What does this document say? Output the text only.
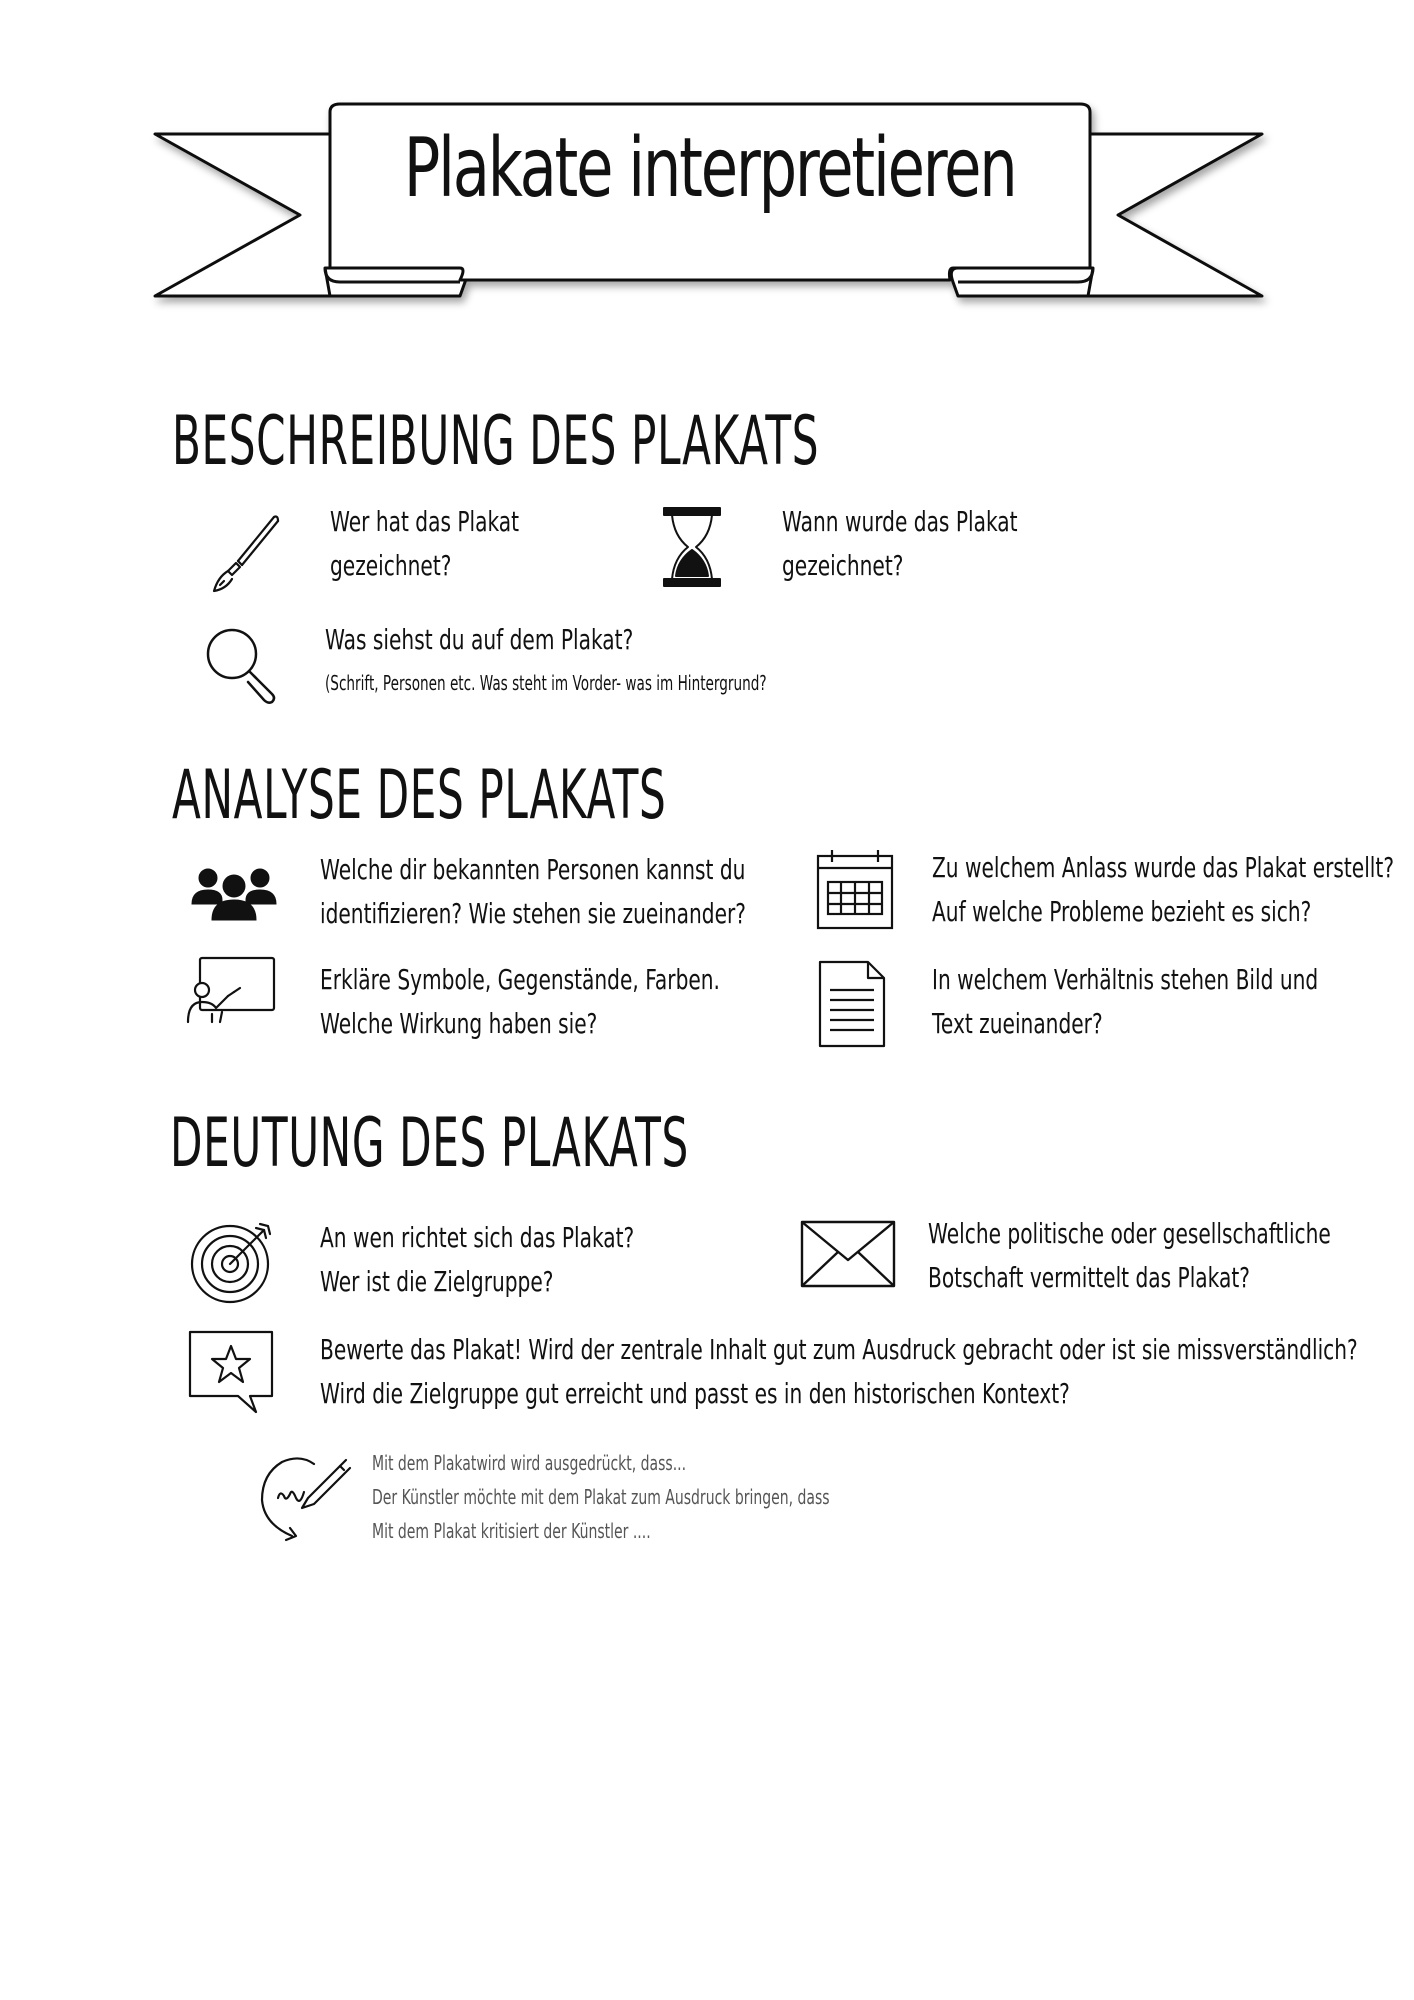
Plakate interpretieren
BESCHREIBUNG DES PLAKATS
Wer hat das Plakat
gezeichnet?
Wann wurde das Plakat
gezeichnet?
Was siehst du auf dem Plakat?
(Schrift, Personen etc. Was steht im Vorder- was im Hintergrund?
ANALYSE DES PLAKATS
Welche dir bekannten Personen kannst du
identifizieren? Wie stehen sie zueinander?
Zu welchem Anlass wurde das Plakat erstellt?
Auf welche Probleme bezieht es sich?
Erkläre Symbole, Gegenstände, Farben.
Welche Wirkung haben sie?
In welchem Verhältnis stehen Bild und
Text zueinander?
DEUTUNG DES PLAKATS
An wen richtet sich das Plakat?
Wer ist die Zielgruppe?
Welche politische oder gesellschaftliche
Botschaft vermittelt das Plakat?
Bewerte das Plakat! Wird der zentrale Inhalt gut zum Ausdruck gebracht oder ist sie missverständlich?
Wird die Zielgruppe gut erreicht und passt es in den historischen Kontext?
Mit dem Plakatwird wird ausgedrückt, dass...
Der Künstler möchte mit dem Plakat zum Ausdruck bringen, dass
Mit dem Plakat kritisiert der Künstler ....
